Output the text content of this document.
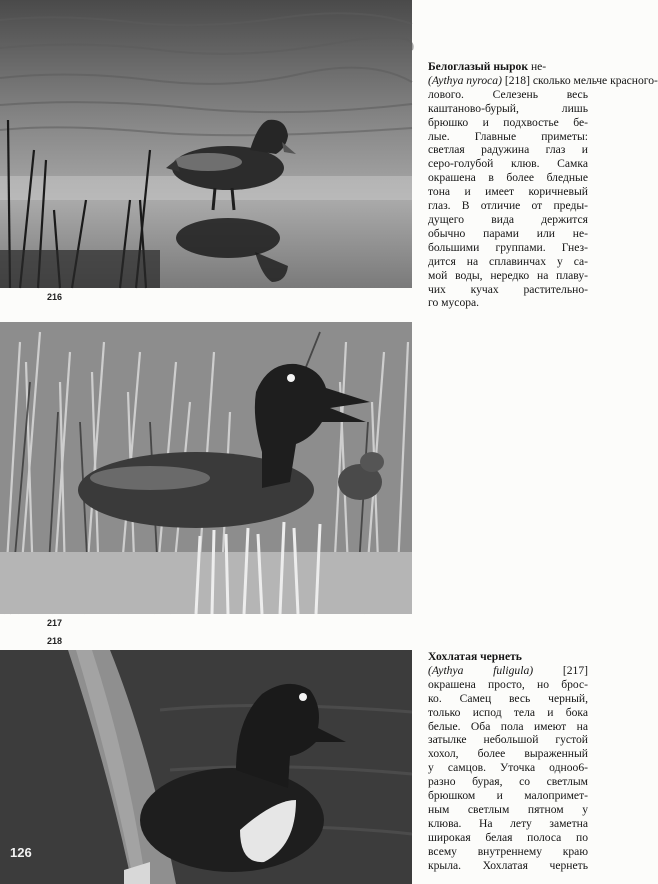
216
Белоглазый нырок не-
(Aythya nyroca) [218] сколько мельче красного-
лового. Селезень весь
каштаново-бурый, лишь
брюшко и подхвостье бе-
лые. Главные приметы:
светлая радужина глаз и
серо-голубой клюв. Самка
окрашена в более бледные
тона и имеет коричневый
глаз. В отличие от преды-
дущего вида держится
обычно парами или не-
большими группами. Гнез-
дится на сплавинчах у са-
мой воды, нередко на плаву-
чих кучах растительно-
го мусора.
217
218
126
Хохлатая чернеть
(Aythya fuligula)	[217]
окрашена просто, но брос-
ко. Самец весь черный,
только испод тела и бока
белые. Оба пола имеют на
затылке небольшой густой
хохол, более выраженный
у самцов. Уточка одноо6-
разно бурая, со светлым
брюшком и малопримет-
ным светлым пятном у
клюва. На лету заметна
широкая белая полоса по
всему внутреннему краю
крыла. Хохлатая чернеть
